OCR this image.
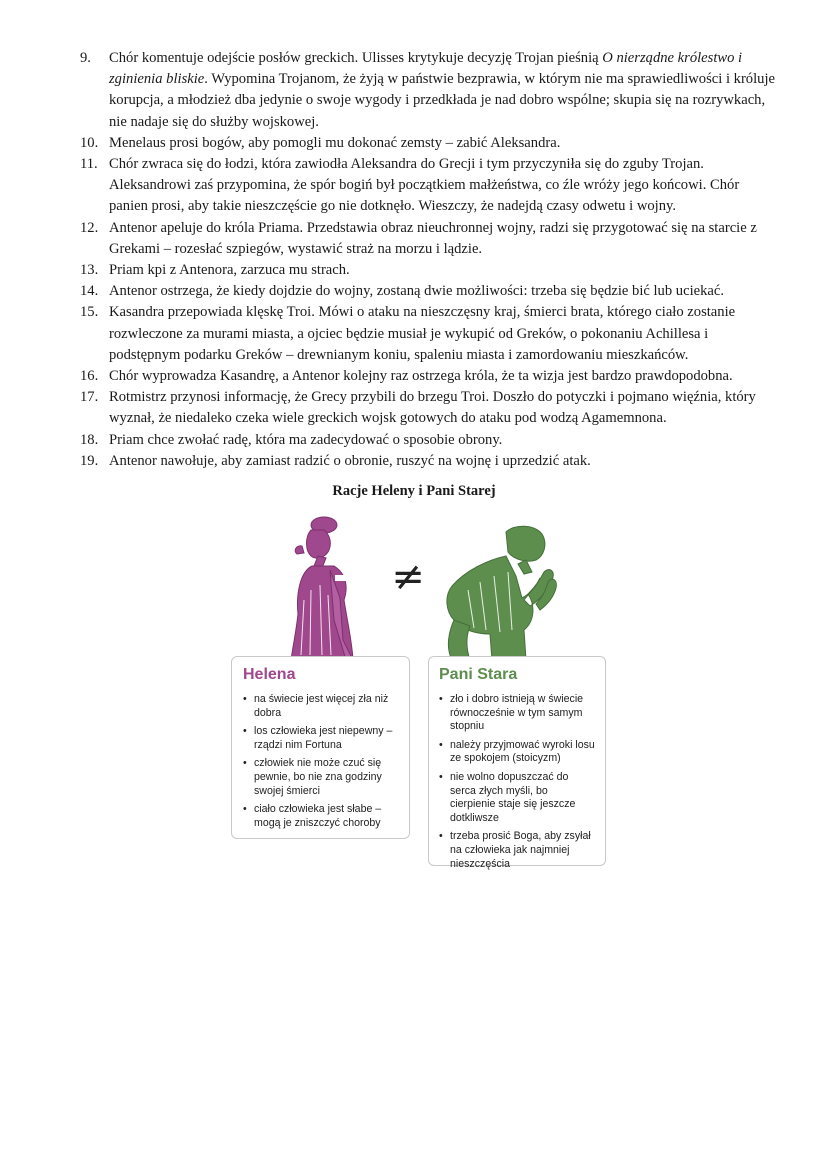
9. Chór komentuje odejście posłów greckich. Ulisses krytykuje decyzję Trojan pieśnią O nierządne królestwo i zginienia bliskie. Wypomina Trojanom, że żyją w państwie bezprawia, w którym nie ma sprawiedliwości i króluje korupcja, a młodzież dba jedynie o swoje wygody i przedkłada je nad dobro wspólne; skupia się na rozrywkach, nie nadaje się do służby wojskowej.
10. Menelaus prosi bogów, aby pomogli mu dokonać zemsty – zabić Aleksandra.
11. Chór zwraca się do łodzi, która zawiodła Aleksandra do Grecji i tym przyczyniła się do zguby Trojan. Aleksandrowi zaś przypomina, że spór bogiń był początkiem małżeństwa, co źle wróży jego końcowi. Chór panien prosi, aby takie nieszczęście go nie dotknęło. Wieszczy, że nadejdą czasy odwetu i wojny.
12. Antenor apeluje do króla Priama. Przedstawia obraz nieuchronnej wojny, radzi się przygotować się na starcie z Grekami – rozesłać szpiegów, wystawić straż na morzu i lądzie.
13. Priam kpi z Antenora, zarzuca mu strach.
14. Antenor ostrzega, że kiedy dojdzie do wojny, zostaną dwie możliwości: trzeba się będzie bić lub uciekać.
15. Kasandra przepowiada klęskę Troi. Mówi o ataku na nieszczęsny kraj, śmierci brata, którego ciało zostanie rozwleczone za murami miasta, a ojciec będzie musiał je wykupić od Greków, o pokonaniu Achillesa i podstępnym podarku Greków – drewnianym koniu, spaleniu miasta i zamordowaniu mieszkańców.
16. Chór wyprowadza Kasandrę, a Antenor kolejny raz ostrzega króla, że ta wizja jest bardzo prawdopodobna.
17. Rotmistrz przynosi informację, że Grecy przybili do brzegu Troi. Doszło do potyczki i pojmano więźnia, który wyznał, że niedaleko czeka wiele greckich wojsk gotowych do ataku pod wodzą Agamemnona.
18. Priam chce zwołać radę, która ma zadecydować o sposobie obrony.
19. Antenor nawołuje, aby zamiast radzić o obronie, ruszyć na wojnę i uprzedzić atak.
Racje Heleny i Pani Starej
≠
Helena
• na świecie jest więcej zła niż dobra
• los człowieka jest niepewny – rządzi nim Fortuna
• człowiek nie może czuć się pewnie, bo nie zna godziny swojej śmierci
• ciało człowieka jest słabe – mogą je zniszczyć choroby
Pani Stara
• zło i dobro istnieją w świecie równocześnie w tym samym stopniu
• należy przyjmować wyroki losu ze spokojem (stoicyzm)
• nie wolno dopuszczać do serca złych myśli, bo cierpienie staje się jeszcze dotkliwsze
• trzeba prosić Boga, aby zsyłał na człowieka jak najmniej nieszczęścia
